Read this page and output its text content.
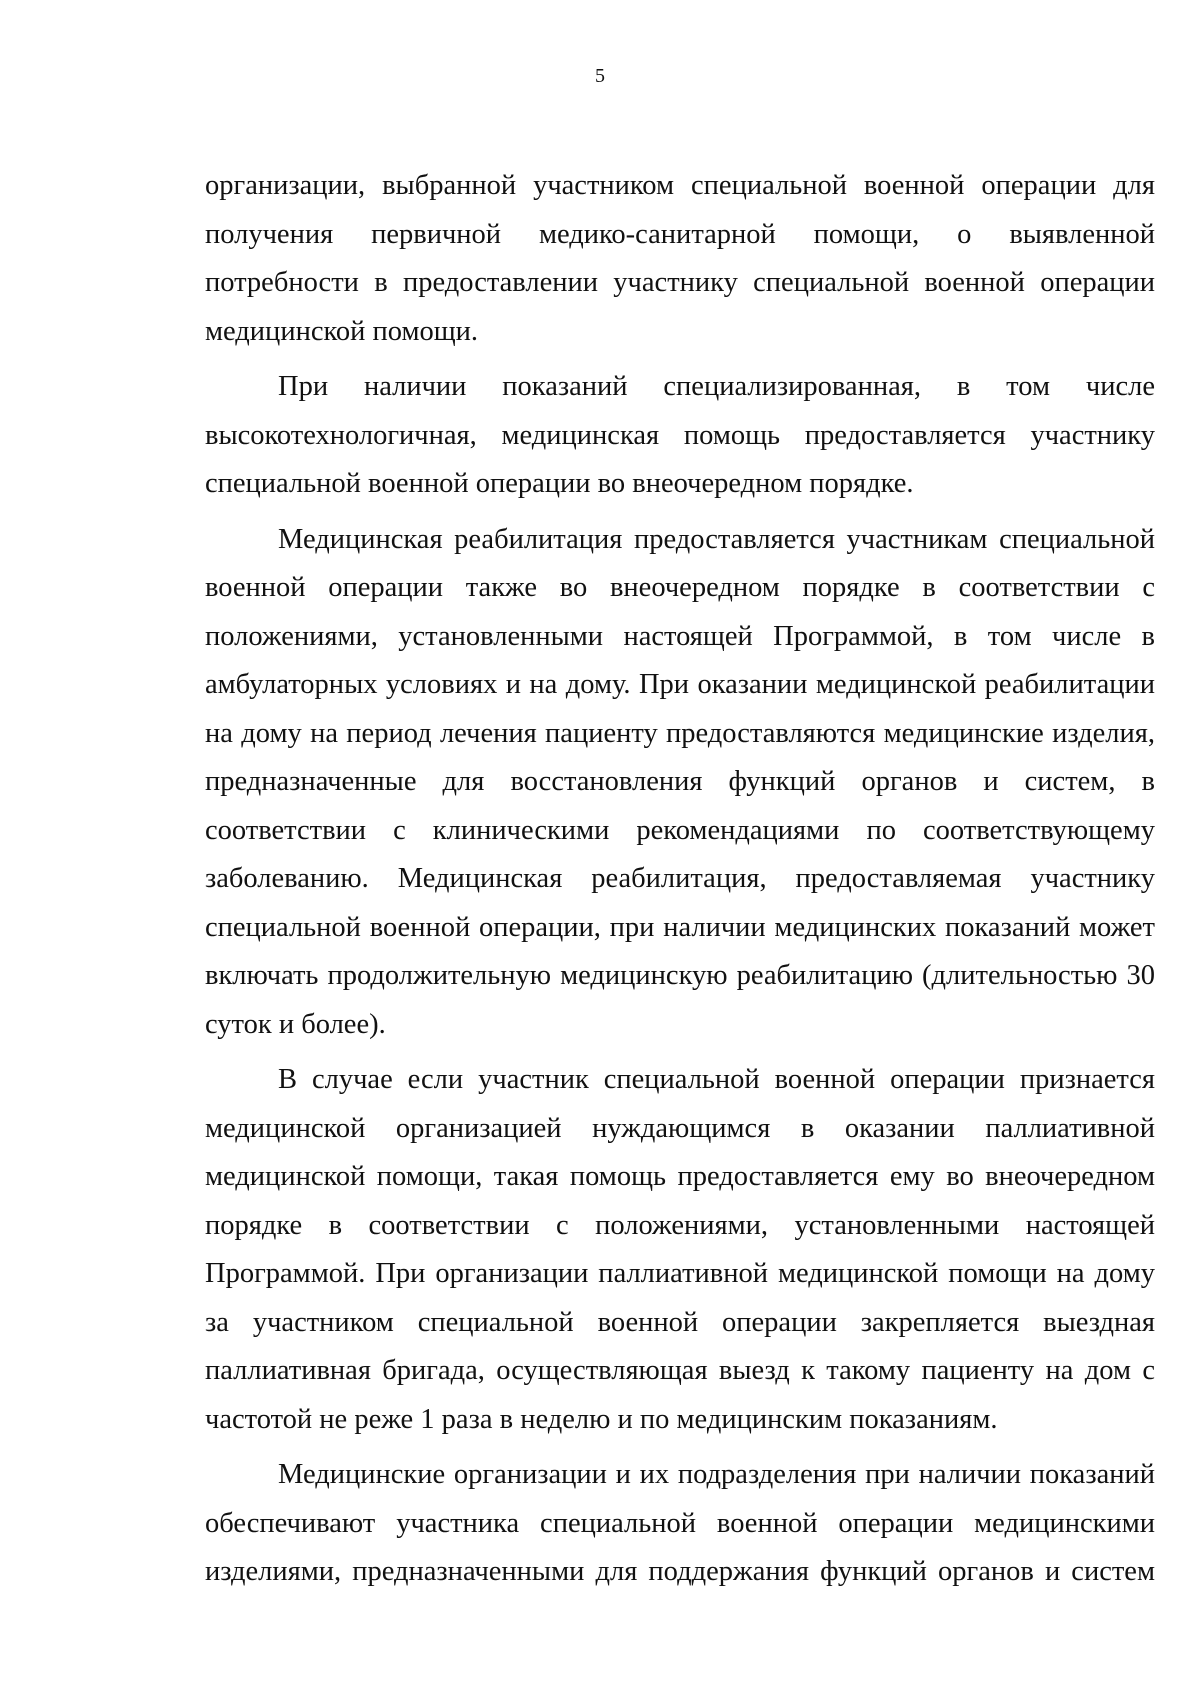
5
организации, выбранной участником специальной военной операции для
получения первичной медико-санитарной помощи, о выявленной
потребности в предоставлении участнику специальной военной операции
медицинской помощи.
При наличии показаний специализированная, в том числе
высокотехнологичная, медицинская помощь предоставляется участнику
специальной военной операции во внеочередном порядке.
Медицинская реабилитация предоставляется участникам специальной
военной операции также во внеочередном порядке в соответствии с
положениями, установленными настоящей Программой, в том числе в
амбулаторных условиях и на дому. При оказании медицинской реабилитации
на дому на период лечения пациенту предоставляются медицинские изделия,
предназначенные для восстановления функций органов и систем, в
соответствии с клиническими рекомендациями по соответствующему
заболеванию. Медицинская реабилитация, предоставляемая участнику
специальной военной операции, при наличии медицинских показаний может
включать продолжительную медицинскую реабилитацию (длительностью 30
суток и более).
В случае если участник специальной военной операции признается
медицинской организацией нуждающимся в оказании паллиативной
медицинской помощи, такая помощь предоставляется ему во внеочередном
порядке в соответствии с положениями, установленными настоящей
Программой. При организации паллиативной медицинской помощи на дому
за участником специальной военной операции закрепляется выездная
паллиативная бригада, осуществляющая выезд к такому пациенту на дом с
частотой не реже 1 раза в неделю и по медицинским показаниям.
Медицинские организации и их подразделения при наличии показаний
обеспечивают участника специальной военной операции медицинскими
изделиями, предназначенными для поддержания функций органов и систем
